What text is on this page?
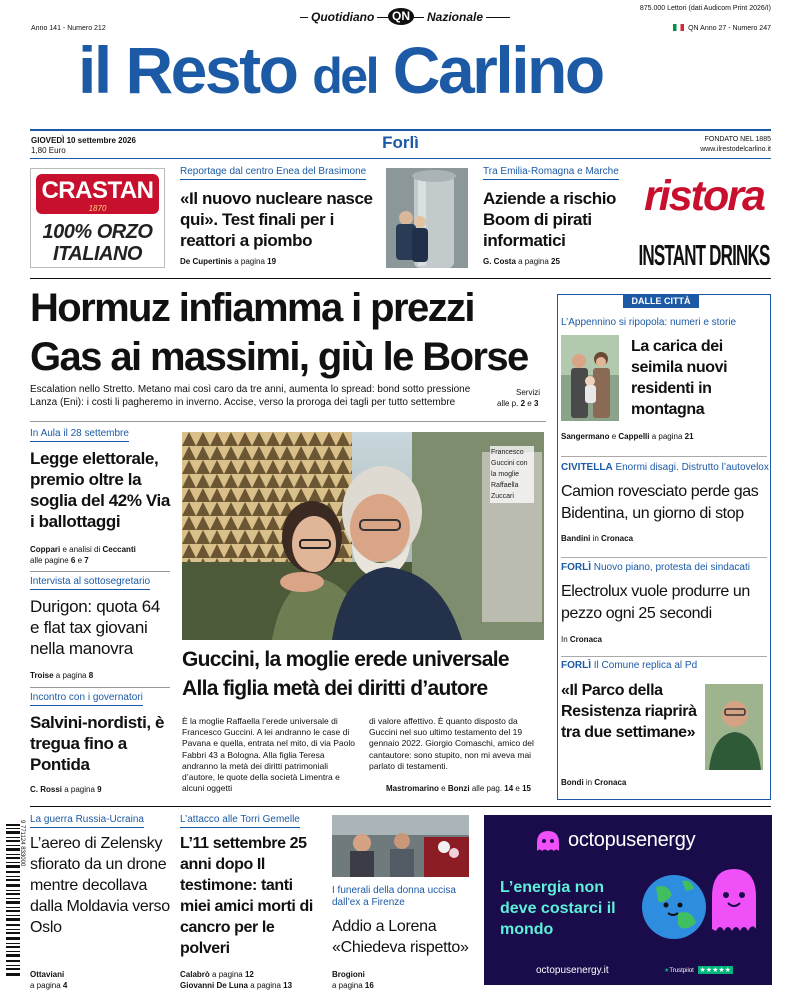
Anno 141 - Numero 212
Quotidiano	QN	Nazionale
875.000 Lettori (dati Audicom Print 2026/I)
QN Anno 27 - Numero 247
il Resto del Carlino
GIOVEDÌ 10 settembre 2026
1,80 Euro	Forlì	FONDATO NEL 1885
www.ilrestodelcarlino.it
CRASTAN
1870
100% ORZO
ITALIANO
Reportage dal centro Enea del Brasimone
«Il nuovo nucleare nasce qui». Test finali per i reattori a piombo
De Cupertinis a pagina 19
Tra Emilia-Romagna e Marche
Aziende a rischio Boom di pirati informatici
G. Costa a pagina 25
ristora
INSTANT DRINKS
Hormuz infiamma i prezzi
Gas ai massimi, giù le Borse
Escalation nello Stretto. Metano mai così caro da tre anni, aumenta lo spread: bond sotto pressione
Lanza (Eni): i costi li pagheremo in inverno. Accise, verso la proroga dei tagli per tutto settembre
Servizi
alle p. 2 e 3
In Aula il 28 settembre
Legge elettorale, premio oltre la soglia del 42% Via i ballottaggi
Coppari e analisi di Ceccanti
alle pagine 6 e 7
Intervista al sottosegretario
Durigon: quota 64 e flat tax giovani nella manovra
Troise a pagina 8
Incontro con i governatori
Salvini-nordisti, è tregua fino a Pontida
C. Rossi a pagina 9
Francesco Guccini con la moglie Raffaella Zuccari
Guccini, la moglie erede universale
Alla figlia metà dei diritti d’autore
È la moglie Raffaella l’erede universale di Francesco Guccini. A lei andranno le case di Pavana e quella, entrata nel mito, di via Paolo Fabbri 43 a Bologna. Alla figlia Teresa andranno la metà dei diritti patrimoniali d’autore, le quote della società Limentra e alcuni oggetti
di valore affettivo. È quanto disposto da Guccini nel suo ultimo testamento del 19 gennaio 2022. Giorgio Comaschi, amico del cantautore: sono stupito, non mi aveva mai parlato di testamenti.
Mastromarino e Bonzi alle pag. 14 e 15
DALLE CITTÀ
L’Appennino si ripopola: numeri e storie
La carica dei seimila nuovi residenti in montagna
Sangermano e Cappelli a pagina 21
CIVITELLA Enormi disagi. Distrutto l’autovelox
Camion rovesciato perde gas Bidentina, un giorno di stop
Bandini in Cronaca
FORLÌ Nuovo piano, protesta dei sindacati
Electrolux vuole produrre un pezzo ogni 25 secondi
In Cronaca
FORLÌ Il Comune replica al Pd
«Il Parco della Resistenza riaprirà tra due settimane»
Bondi in Cronaca
9 771124 833000
La guerra Russia-Ucraina
L’aereo di Zelensky sfiorato da un drone mentre decollava dalla Moldavia verso Oslo
Ottaviani
a pagina 4
L’attacco alle Torri Gemelle
L’11 settembre 25 anni dopo Il testimone: tanti miei amici morti di cancro per le polveri
Calabrò a pagina 12
Giovanni De Luna a pagina 13
I funerali della donna uccisa dall’ex a Firenze
Addio a Lorena «Chiedeva rispetto»
Brogioni
a pagina 16
octopusenergy
L’energia non deve costarci il mondo
octopusenergy.it	★Trustpilot ★★★★★
